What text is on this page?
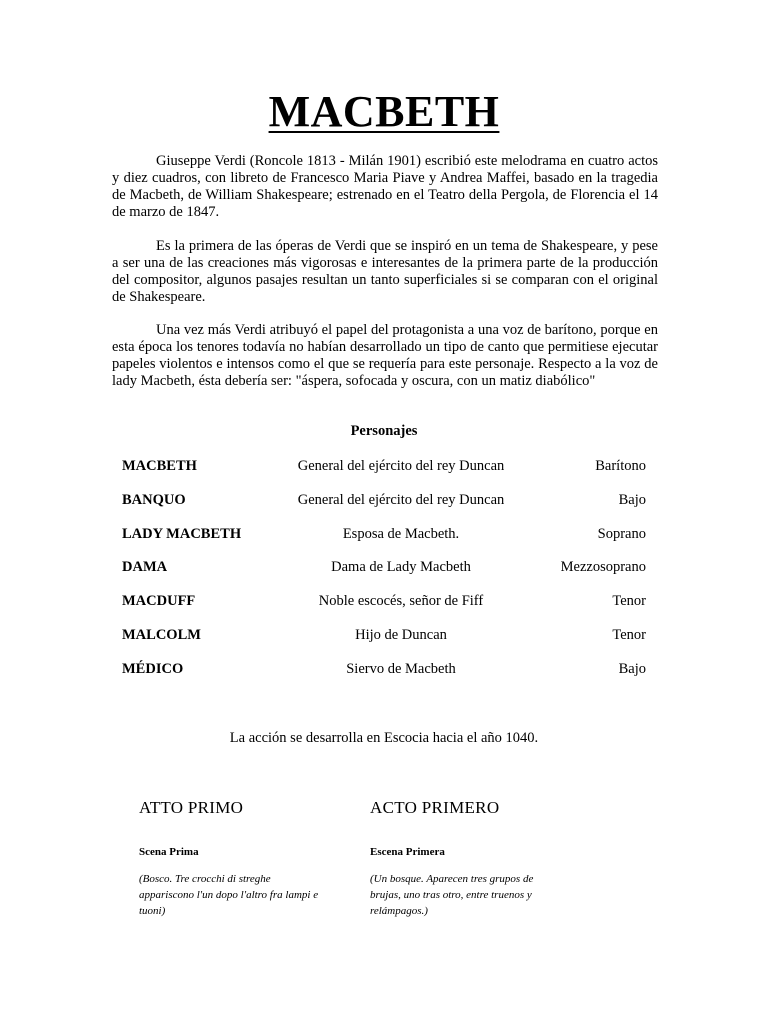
MACBETH

Giuseppe Verdi (Roncole 1813 - Milán 1901) escribió este melodrama en cuatro actos y diez cuadros, con libreto de Francesco Maria Piave y Andrea Maffei, basado en la tragedia de Macbeth, de William Shakespeare; estrenado en el Teatro della Pergola, de Florencia el 14 de marzo de 1847.

Es la primera de las óperas de Verdi que se inspiró en un tema de Shakespeare, y pese a ser una de las creaciones más vigorosas e interesantes de la primera parte de la producción del compositor, algunos pasajes resultan un tanto superficiales si se comparan con el original de Shakespeare.

Una vez más Verdi atribuyó el papel del protagonista a una voz de barítono, porque en esta época los tenores todavía no habían desarrollado un tipo de canto que permitiese ejecutar papeles violentos e intensos como el que se requería para este personaje. Respecto a la voz de lady Macbeth, ésta debería ser: "áspera, sofocada y oscura, con un matiz diabólico"

Personajes

MACBETH	General del ejército del rey Duncan	Barítono
BANQUO	General del ejército del rey Duncan	Bajo
LADY MACBETH	Esposa de Macbeth.	Soprano
DAMA	Dama de Lady Macbeth	Mezzosoprano
MACDUFF	Noble escocés, señor de Fiff	Tenor
MALCOLM	Hijo de Duncan	Tenor
MÉDICO	Siervo de Macbeth	Bajo

La acción se desarrolla en Escocia hacia el año 1040.

ATTO PRIMO

Scena Prima

(Bosco. Tre crocchi di streghe appariscono l'un dopo l'altro fra lampi e tuoni)

ACTO PRIMERO

Escena Primera

(Un bosque. Aparecen tres grupos de brujas, uno tras otro, entre truenos y relámpagos.)
